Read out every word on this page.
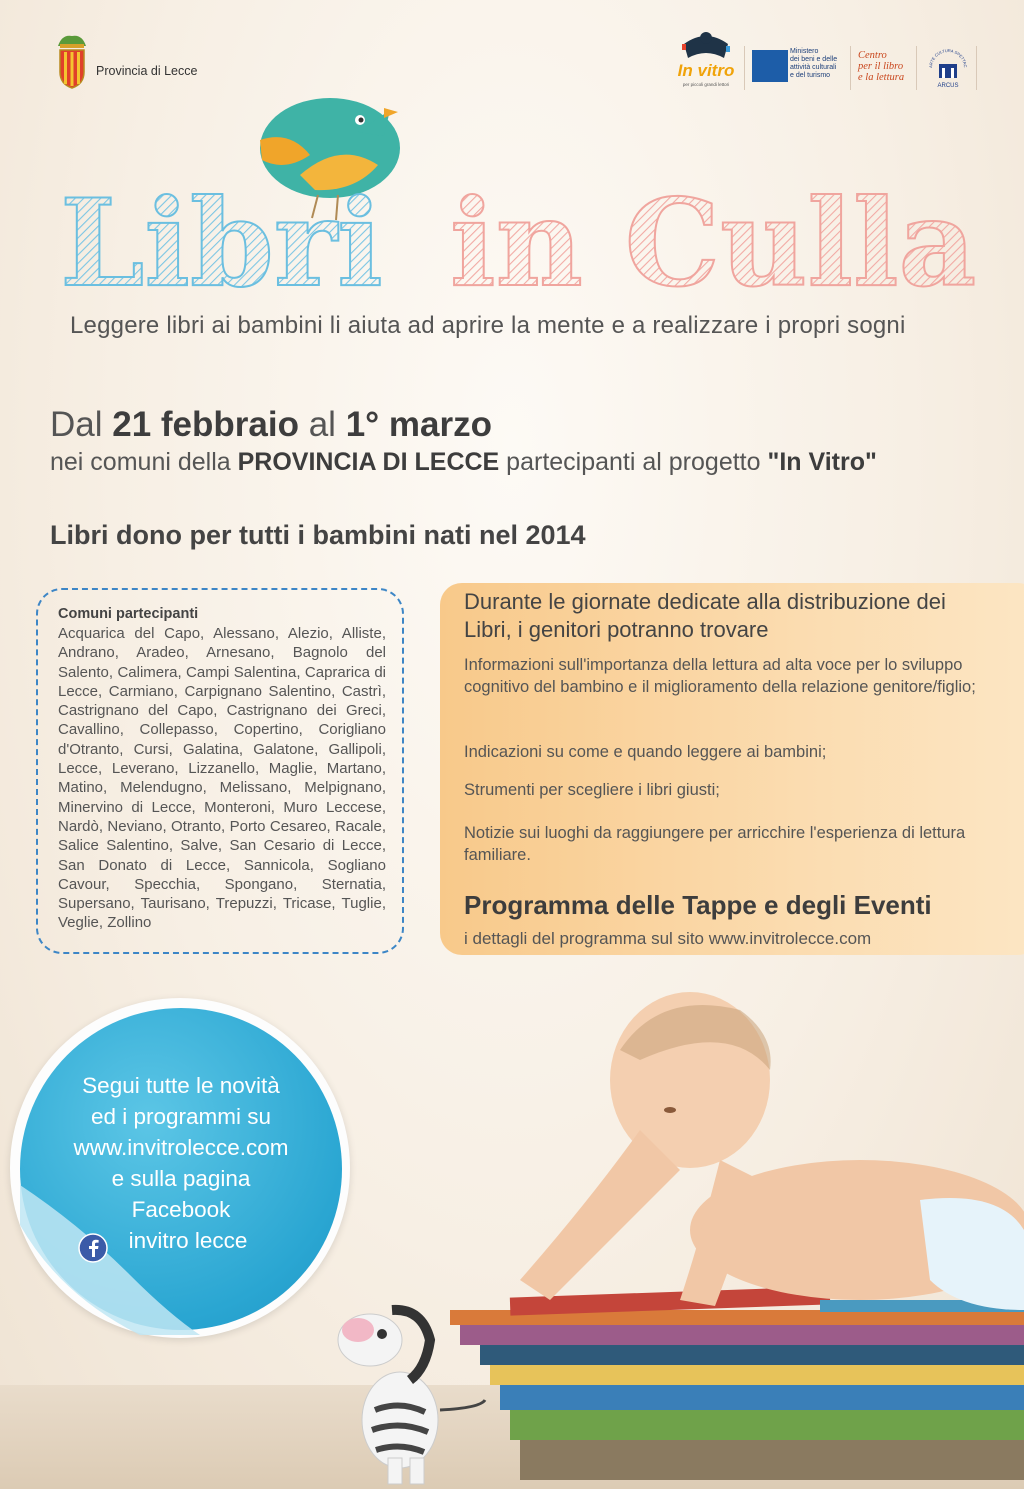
Provincia di Lecce	In vitro
per piccoli grandi lettori
Ministero
dei beni e delle
attività culturali
e del turismo
Centro
per il libro
e la lettura
ARTE CULTURA SPETTAC
ARCUS
Libri in Culla
Leggere libri ai bambini li aiuta ad aprire la mente e a realizzare i propri sogni
Dal 21 febbraio al 1° marzo
nei comuni della PROVINCIA DI LECCE partecipanti al progetto "In Vitro"
Libri dono per tutti i bambini nati nel 2014
Comuni partecipanti
Acquarica del Capo, Alessano, Alezio, Alliste, Andrano, Aradeo, Arnesano, Bagnolo del Salento, Calimera, Campi Salentina, Caprarica di Lecce, Carmiano, Carpignano Salentino, Castrì, Castrignano del Capo, Castrignano dei Greci, Cavallino, Collepasso, Copertino, Corigliano d'Otranto, Cursi, Galatina, Galatone, Gallipoli, Lecce, Leverano, Lizzanello, Maglie, Martano, Matino, Melendugno, Melissano, Melpignano, Minervino di Lecce, Monteroni, Muro Leccese, Nardò, Neviano, Otranto, Porto Cesareo, Racale, Salice Salentino, Salve, San Cesario di Lecce, San Donato di Lecce, Sannicola, Sogliano Cavour, Specchia, Spongano, Sternatia, Supersano, Taurisano, Trepuzzi, Tricase, Tuglie, Veglie, Zollino
Durante le giornate dedicate alla distribuzione dei Libri, i genitori potranno trovare
Informazioni sull'importanza della lettura ad alta voce per lo sviluppo cognitivo del bambino e il miglioramento della relazione genitore/figlio;
Indicazioni su come e quando leggere ai bambini;
Strumenti per scegliere i libri giusti;
Notizie sui luoghi da raggiungere per arricchire l'esperienza di lettura familiare.
Programma delle Tappe e degli Eventi
i dettagli del programma sul sito www.invitrolecce.com
Segui tutte le novità
ed i programmi su
www.invitrolecce.com
e sulla pagina
Facebook
invitro lecce
